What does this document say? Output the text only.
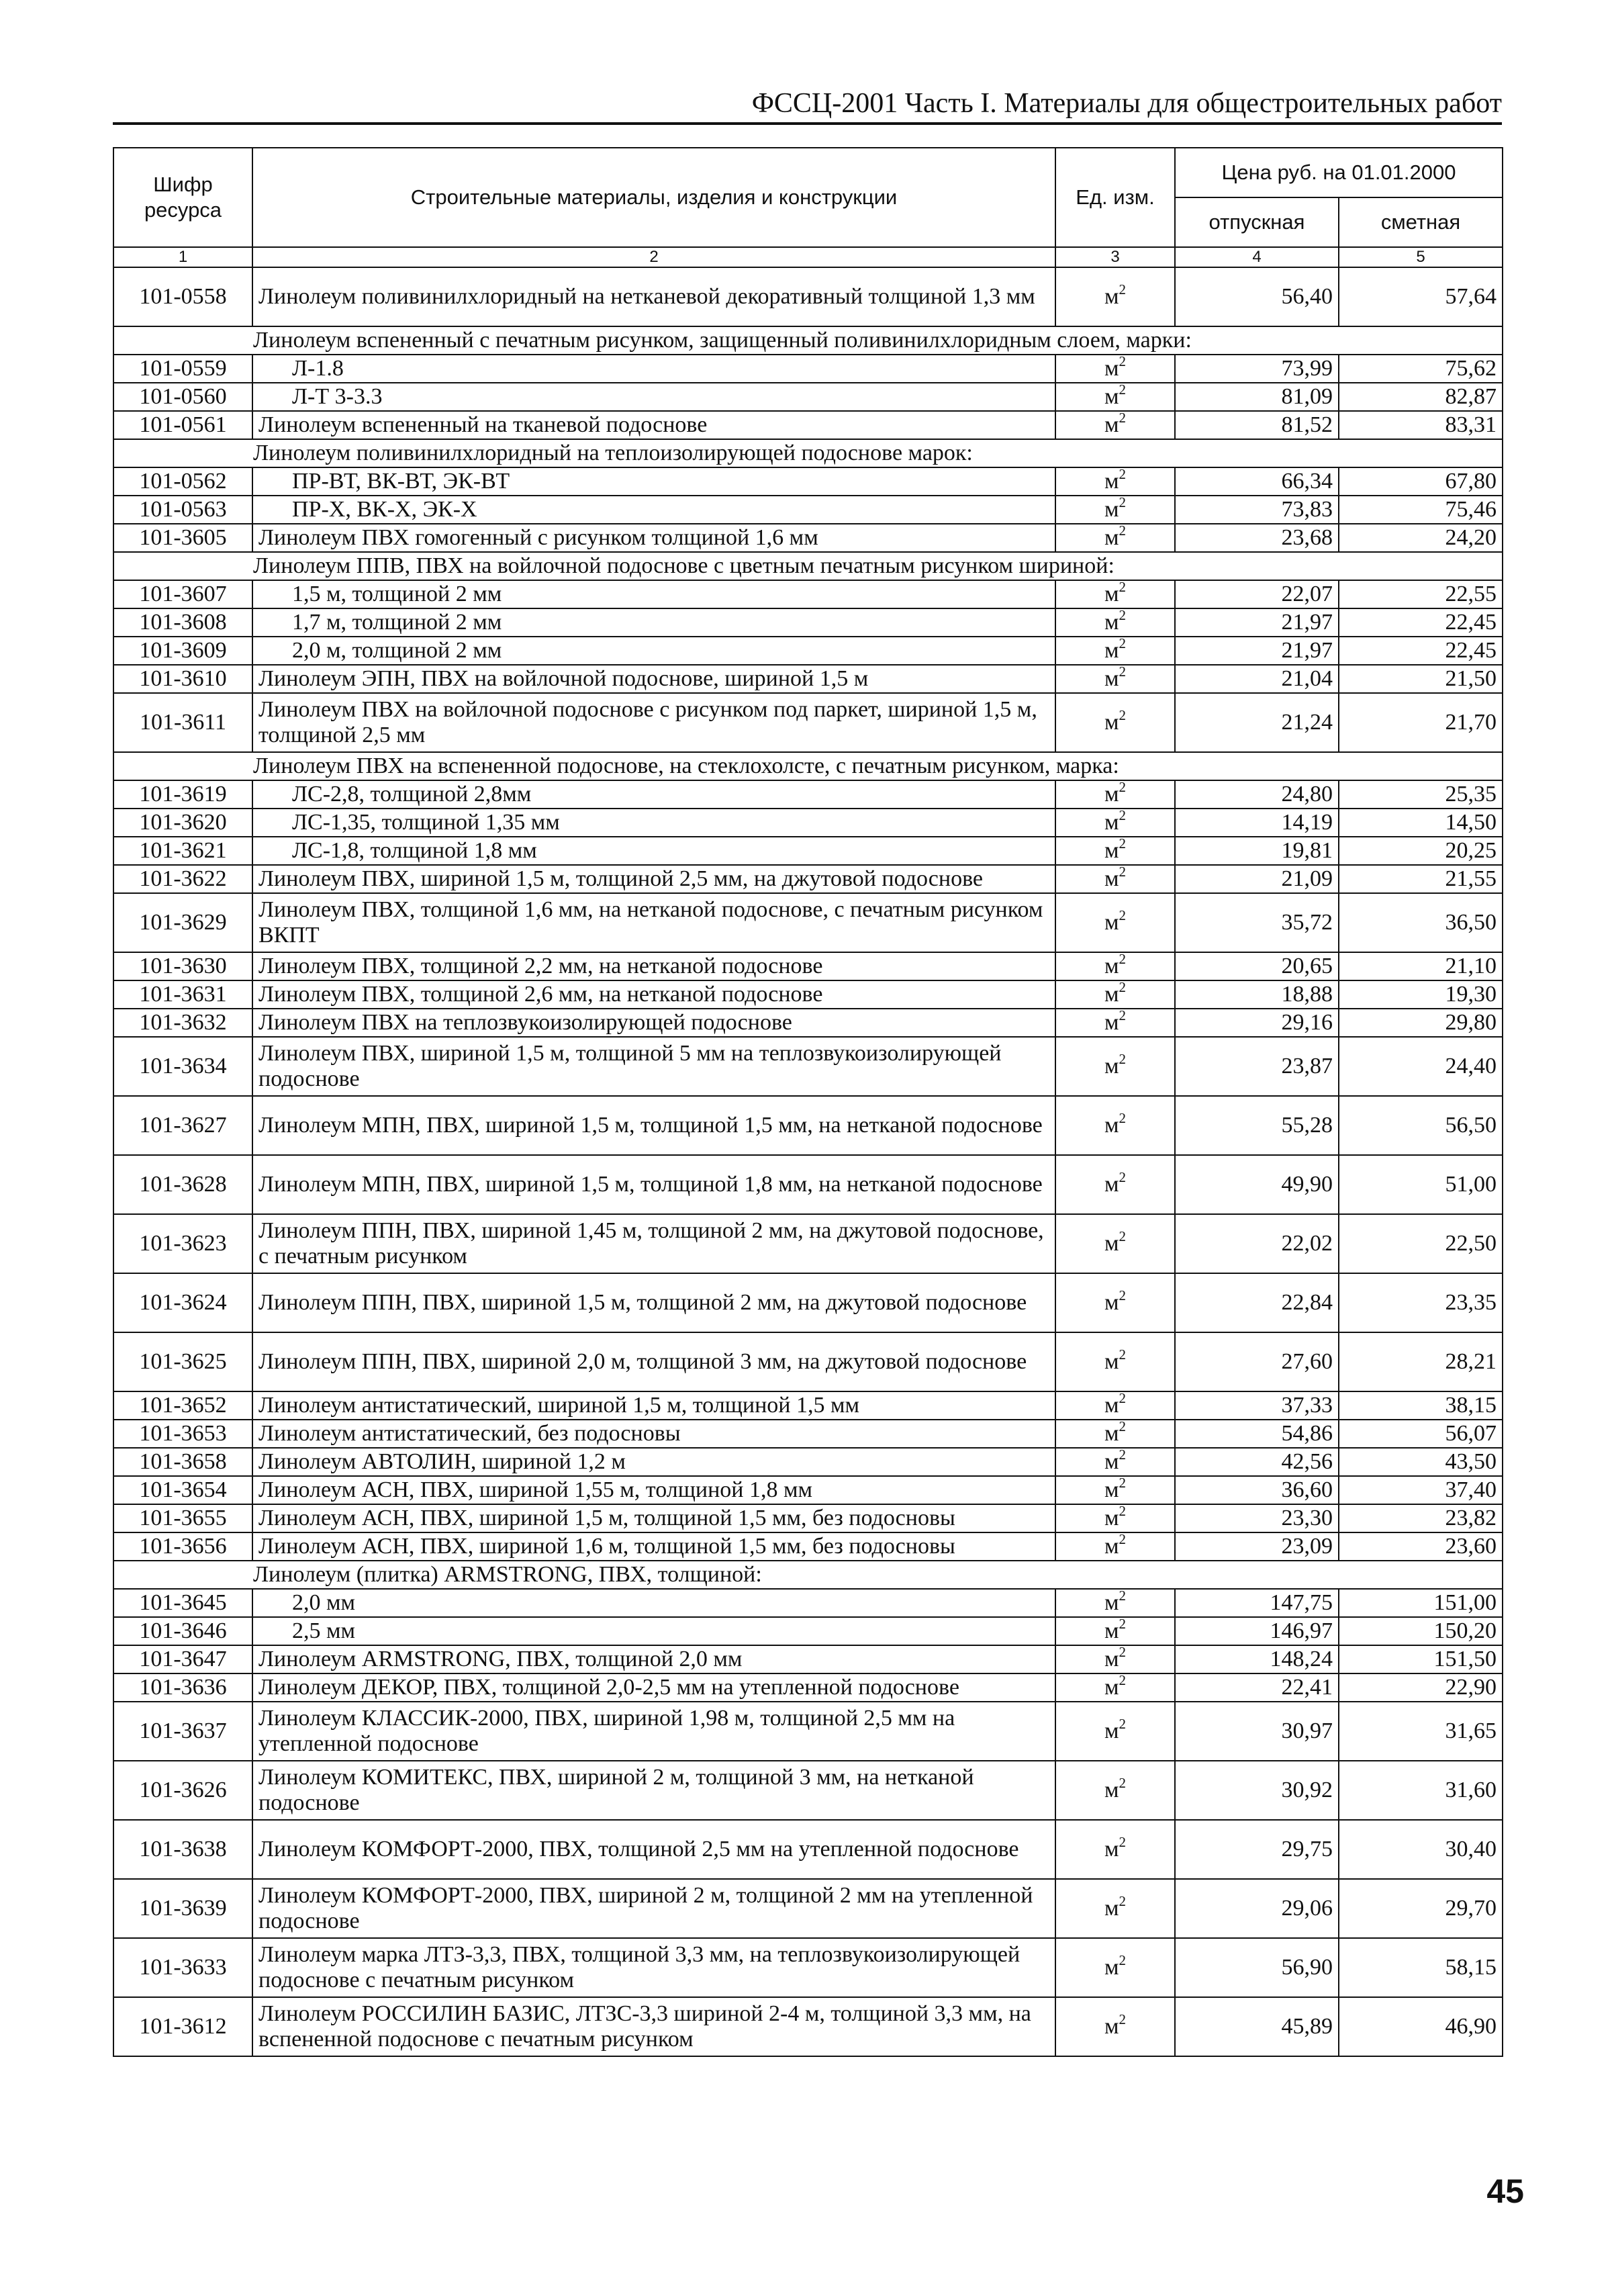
ФССЦ-2001 Часть I. Материалы для общестроительных работ
Шифр ресурса	Строительные материалы, изделия и конструкции	Ед. изм.	Цена руб. на 01.01.2000	
			отпускная	сметная
1	2	3	4	5
101-0558	Линолеум поливинилхлоридный на нетканевой декоративный толщиной 1,3 мм	$м^2$	56,40	57,64
Линолеум вспененный с печатным рисунком, защищенный поливинилхлоридным слоем, марки:				
101-0559	Л-1.8	$м^2$	73,99	75,62
101-0560	Л-Т 3-3.3	$м^2$	81,09	82,87
101-0561	Линолеум вспененный на тканевой подоснове	$м^2$	81,52	83,31
Линолеум поливинилхлоридный на теплоизолирующей подоснове марок:				
101-0562	ПР-ВТ, ВК-ВТ, ЭК-ВТ	$м^2$	66,34	67,80
101-0563	ПР-Х, ВК-Х, ЭК-Х	$м^2$	73,83	75,46
101-3605	Линолеум ПВХ гомогенный с рисунком толщиной 1,6 мм	$м^2$	23,68	24,20
Линолеум ППВ, ПВХ на войлочной подоснове с цветным печатным рисунком шириной:				
101-3607	1,5 м, толщиной 2 мм	$м^2$	22,07	22,55
101-3608	1,7 м, толщиной 2 мм	$м^2$	21,97	22,45
101-3609	2,0 м, толщиной 2 мм	$м^2$	21,97	22,45
101-3610	Линолеум ЭПН, ПВХ на войлочной подоснове, шириной 1,5 м	$м^2$	21,04	21,50
101-3611	Линолеум ПВХ на войлочной подоснове с рисунком под паркет, шириной 1,5 м, толщиной 2,5 мм	$м^2$	21,24	21,70
Линолеум ПВХ на вспененной подоснове, на стеклохолсте, с печатным рисунком, марка:				
101-3619	ЛС-2,8, толщиной 2,8мм	$м^2$	24,80	25,35
101-3620	ЛС-1,35, толщиной 1,35 мм	$м^2$	14,19	14,50
101-3621	ЛС-1,8, толщиной 1,8 мм	$м^2$	19,81	20,25
101-3622	Линолеум ПВХ, шириной 1,5 м, толщиной 2,5 мм, на джутовой подоснове	$м^2$	21,09	21,55
101-3629	Линолеум ПВХ, толщиной 1,6 мм, на нетканой подоснове, с печатным рисунком ВКПТ	$м^2$	35,72	36,50
101-3630	Линолеум ПВХ, толщиной 2,2 мм, на нетканой подоснове	$м^2$	20,65	21,10
101-3631	Линолеум ПВХ, толщиной 2,6 мм, на нетканой подоснове	$м^2$	18,88	19,30
101-3632	Линолеум ПВХ на теплозвукоизолирующей подоснове	$м^2$	29,16	29,80
101-3634	Линолеум ПВХ, шириной 1,5 м, толщиной 5 мм на теплозвукоизолирующей подоснове	$м^2$	23,87	24,40
101-3627	Линолеум МПН, ПВХ, шириной 1,5 м, толщиной 1,5 мм, на нетканой подоснове	$м^2$	55,28	56,50
101-3628	Линолеум МПН, ПВХ, шириной 1,5 м, толщиной 1,8 мм, на нетканой подоснове	$м^2$	49,90	51,00
101-3623	Линолеум ППН, ПВХ, шириной 1,45 м, толщиной 2 мм, на джутовой подоснове, с печатным рисунком	$м^2$	22,02	22,50
101-3624	Линолеум ППН, ПВХ, шириной 1,5 м, толщиной 2 мм, на джутовой подоснове	$м^2$	22,84	23,35
101-3625	Линолеум ППН, ПВХ, шириной 2,0 м, толщиной 3 мм, на джутовой подоснове	$м^2$	27,60	28,21
101-3652	Линолеум антистатический, шириной 1,5 м, толщиной 1,5 мм	$м^2$	37,33	38,15
101-3653	Линолеум антистатический, без подосновы	$м^2$	54,86	56,07
101-3658	Линолеум АВТОЛИН, шириной 1,2 м	$м^2$	42,56	43,50
101-3654	Линолеум АСН, ПВХ, шириной 1,55 м, толщиной 1,8 мм	$м^2$	36,60	37,40
101-3655	Линолеум АСН, ПВХ, шириной 1,5 м, толщиной 1,5 мм, без подосновы	$м^2$	23,30	23,82
101-3656	Линолеум АСН, ПВХ, шириной 1,6 м, толщиной 1,5 мм, без подосновы	$м^2$	23,09	23,60
Линолеум (плитка) ARMSTRONG, ПВХ, толщиной:				
101-3645	2,0 мм	$м^2$	147,75	151,00
101-3646	2,5 мм	$м^2$	146,97	150,20
101-3647	Линолеум ARMSTRONG, ПВХ, толщиной 2,0 мм	$м^2$	148,24	151,50
101-3636	Линолеум ДЕКОР, ПВХ, толщиной 2,0-2,5 мм на утепленной подоснове	$м^2$	22,41	22,90
101-3637	Линолеум КЛАССИК-2000, ПВХ, шириной 1,98 м, толщиной 2,5 мм на утепленной подоснове	$м^2$	30,97	31,65
101-3626	Линолеум КОМИТЕКС, ПВХ, шириной 2 м, толщиной 3 мм, на нетканой подоснове	$м^2$	30,92	31,60
101-3638	Линолеум КОМФОРТ-2000, ПВХ, толщиной 2,5 мм на утепленной подоснове	$м^2$	29,75	30,40
101-3639	Линолеум КОМФОРТ-2000, ПВХ, шириной 2 м, толщиной 2 мм на утепленной подоснове	$м^2$	29,06	29,70
101-3633	Линолеум марка ЛТЗ-3,3, ПВХ, толщиной 3,3 мм, на теплозвукоизолирующей подоснове с печатным рисунком	$м^2$	56,90	58,15
101-3612	Линолеум РОССИЛИН БАЗИС, ЛТЗС-3,3 шириной 2-4 м, толщиной 3,3 мм, на вспененной подоснове с печатным рисунком	$м^2$	45,89	46,90
45
